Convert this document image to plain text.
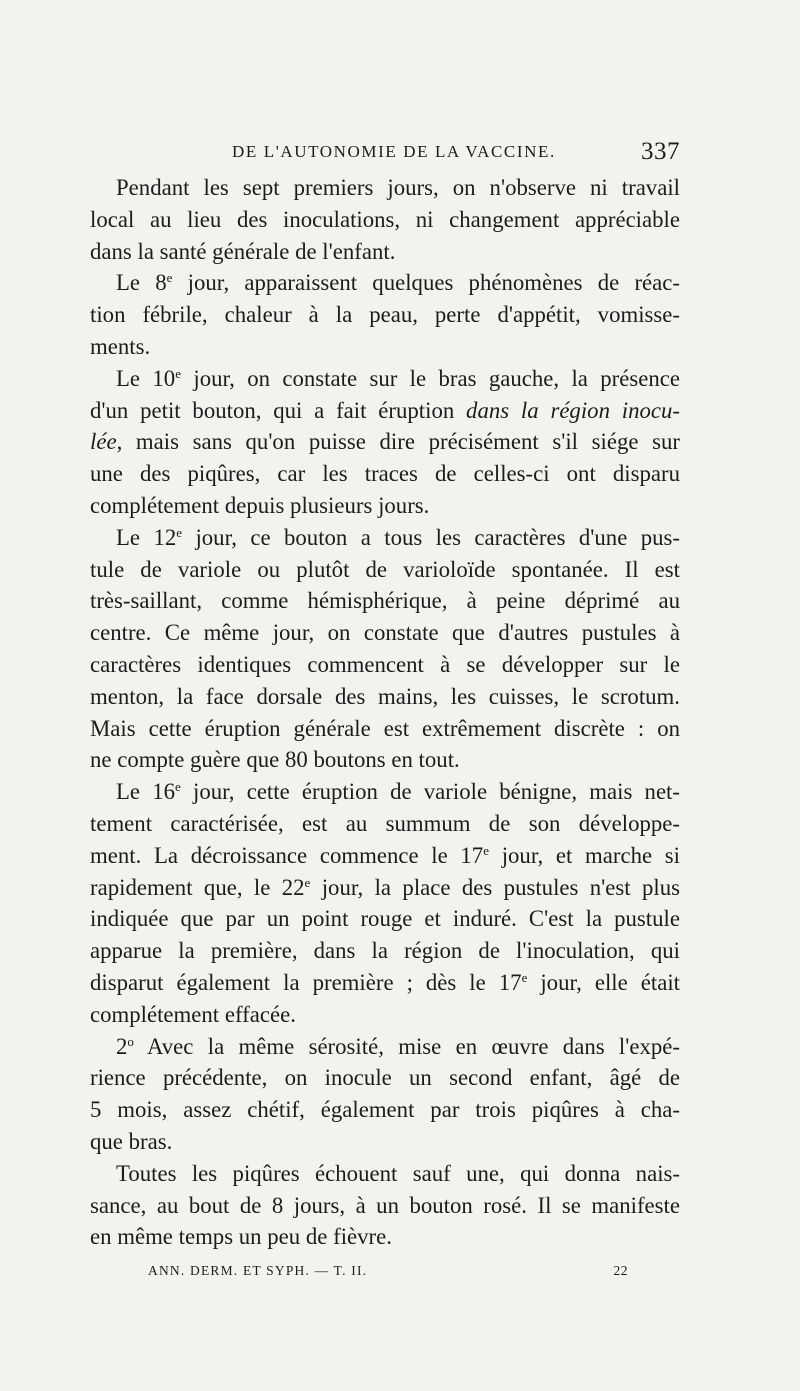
DE L'AUTONOMIE DE LA VACCINE.	337
Pendant les sept premiers jours, on n'observe ni travail
local au lieu des inoculations, ni changement appréciable
dans la santé générale de l'enfant.
Le 8e jour, apparaissent quelques phénomènes de réac-
tion fébrile, chaleur à la peau, perte d'appétit, vomisse-
ments.
Le 10e jour, on constate sur le bras gauche, la présence
d'un petit bouton, qui a fait éruption dans la région inocu-
lée, mais sans qu'on puisse dire précisément s'il siége sur
une des piqûres, car les traces de celles-ci ont disparu
complétement depuis plusieurs jours.
Le 12e jour, ce bouton a tous les caractères d'une pus-
tule de variole ou plutôt de varioloïde spontanée. Il est
très-saillant, comme hémisphérique, à peine déprimé au
centre. Ce même jour, on constate que d'autres pustules à
caractères identiques commencent à se développer sur le
menton, la face dorsale des mains, les cuisses, le scrotum.
Mais cette éruption générale est extrêmement discrète : on
ne compte guère que 80 boutons en tout.
Le 16e jour, cette éruption de variole bénigne, mais net-
tement caractérisée, est au summum de son développe-
ment. La décroissance commence le 17e jour, et marche si
rapidement que, le 22e jour, la place des pustules n'est plus
indiquée que par un point rouge et induré. C'est la pustule
apparue la première, dans la région de l'inoculation, qui
disparut également la première ; dès le 17e jour, elle était
complétement effacée.
2$^o$ Avec la même sérosité, mise en œuvre dans l'expé-
rience précédente, on inocule un second enfant, âgé de
5 mois, assez chétif, également par trois piqûres à cha-
que bras.
Toutes les piqûres échouent sauf une, qui donna nais-
sance, au bout de 8 jours, à un bouton rosé. Il se manifeste
en même temps un peu de fièvre.
ANN. DERM. ET SYPH. — T. II.	22
